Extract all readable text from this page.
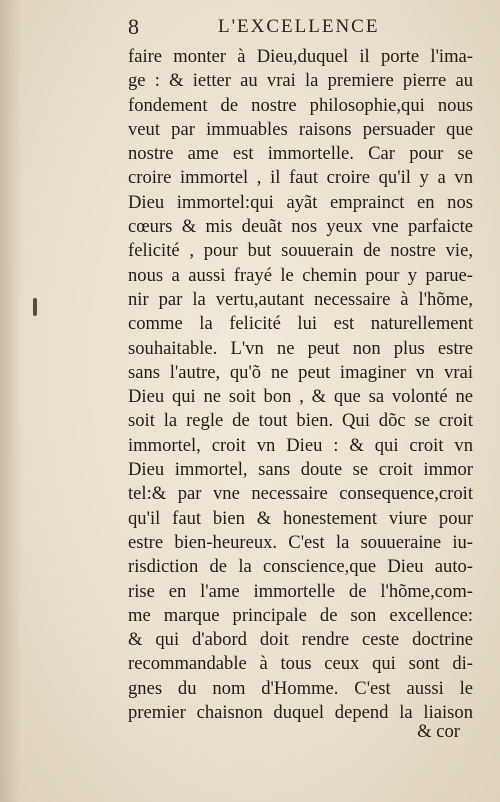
8	L'EXCELLENCE
faire monter à Dieu,duquel il porte l'ima-
ge : & ietter au vrai la premiere pierre au
fondement de nostre philosophie,qui nous
veut par immuables raisons persuader que
nostre ame est immortelle. Car pour se
croire immortel , il faut croire qu'il y a vn
Dieu immortel:qui ayãt emprainct en nos
cœurs & mis deuãt nos yeux vne parfaicte
felicité , pour but souuerain de nostre vie,
nous a aussi frayé le chemin pour y paruе-
nir par la vertu,autant necessaire à l'hõme,
comme la felicité lui est naturellement
souhaitable. L'vn ne peut non plus estre
sans l'autre, qu'õ ne peut imaginer vn vrai
Dieu qui ne soit bon , & que sa volonté ne
soit la regle de tout bien. Qui dõc se croit
immortel, croit vn Dieu : & qui croit vn
Dieu immortel, sans doute se croit immor
tel:& par vne necessaire consequence,croit
qu'il faut bien & honestement viure pour
estre bien-heureux. C'est la souueraine iu-
risdiction de la conscience,que Dieu auto-
rise en l'ame immortelle de l'hõme,com-
me marque principale de son excellence:
& qui d'abord doit rendre ceste doctrine
recommandable à tous ceux qui sont di-
gnes du nom d'Homme. C'est aussi le
premier chaisnon duquel depend la liaison
& cor
